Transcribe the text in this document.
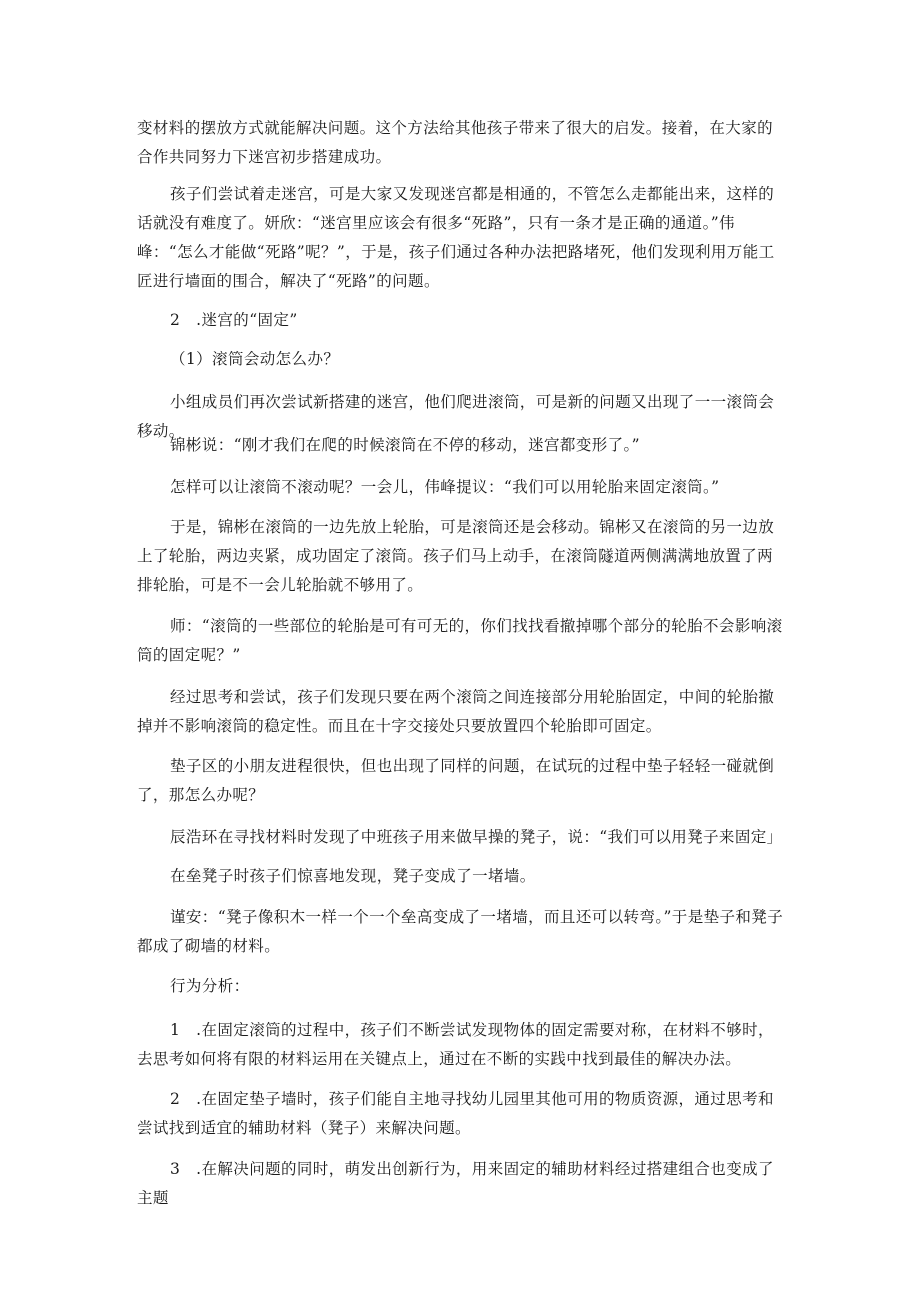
变材料的摆放方式就能解决问题。这个方法给其他孩子带来了很大的启发。接着，在大家的合作共同努力下迷宫初步搭建成功。

孩子们尝试着走迷宫，可是大家又发现迷宫都是相通的，不管怎么走都能出来，这样的话就没有难度了。妍欣：“迷宫里应该会有很多“死路”，只有一条才是正确的通道。”伟峰：“怎么才能做“死路”呢？”，于是，孩子们通过各种办法把路堵死，他们发现利用万能工匠进行墙面的围合，解决了“死路”的问题。

2　.迷宫的“固定”

（1）滚筒会动怎么办？

小组成员们再次尝试新搭建的迷宫，他们爬进滚筒，可是新的问题又出现了一一滚筒会移动。

锦彬说：“刚才我们在爬的时候滚筒在不停的移动，迷宫都变形了。”

怎样可以让滚筒不滚动呢？一会儿，伟峰提议：“我们可以用轮胎来固定滚筒。”

于是，锦彬在滚筒的一边先放上轮胎，可是滚筒还是会移动。锦彬又在滚筒的另一边放上了轮胎，两边夹紧，成功固定了滚筒。孩子们马上动手，在滚筒隧道两侧满满地放置了两排轮胎，可是不一会儿轮胎就不够用了。

师：“滚筒的一些部位的轮胎是可有可无的，你们找找看撤掉哪个部分的轮胎不会影响滚筒的固定呢？”

经过思考和尝试，孩子们发现只要在两个滚筒之间连接部分用轮胎固定，中间的轮胎撤掉并不影响滚筒的稳定性。而且在十字交接处只要放置四个轮胎即可固定。

垫子区的小朋友进程很快，但也出现了同样的问题，在试玩的过程中垫子轻轻一碰就倒了，那怎么办呢？

辰浩环在寻找材料时发现了中班孩子用来做早操的凳子，说：“我们可以用凳子来固定」

在垒凳子时孩子们惊喜地发现，凳子变成了一堵墙。

谨安：“凳子像积木一样一个一个垒高变成了一堵墙，而且还可以转弯。”于是垫子和凳子都成了砌墙的材料。

行为分析：

1　.在固定滚筒的过程中，孩子们不断尝试发现物体的固定需要对称，在材料不够时，去思考如何将有限的材料运用在关键点上，通过在不断的实践中找到最佳的解决办法。

2　.在固定垫子墙时，孩子们能自主地寻找幼儿园里其他可用的物质资源，通过思考和尝试找到适宜的辅助材料（凳子）来解决问题。

3　.在解决问题的同时，萌发出创新行为，用来固定的辅助材料经过搭建组合也变成了主题
